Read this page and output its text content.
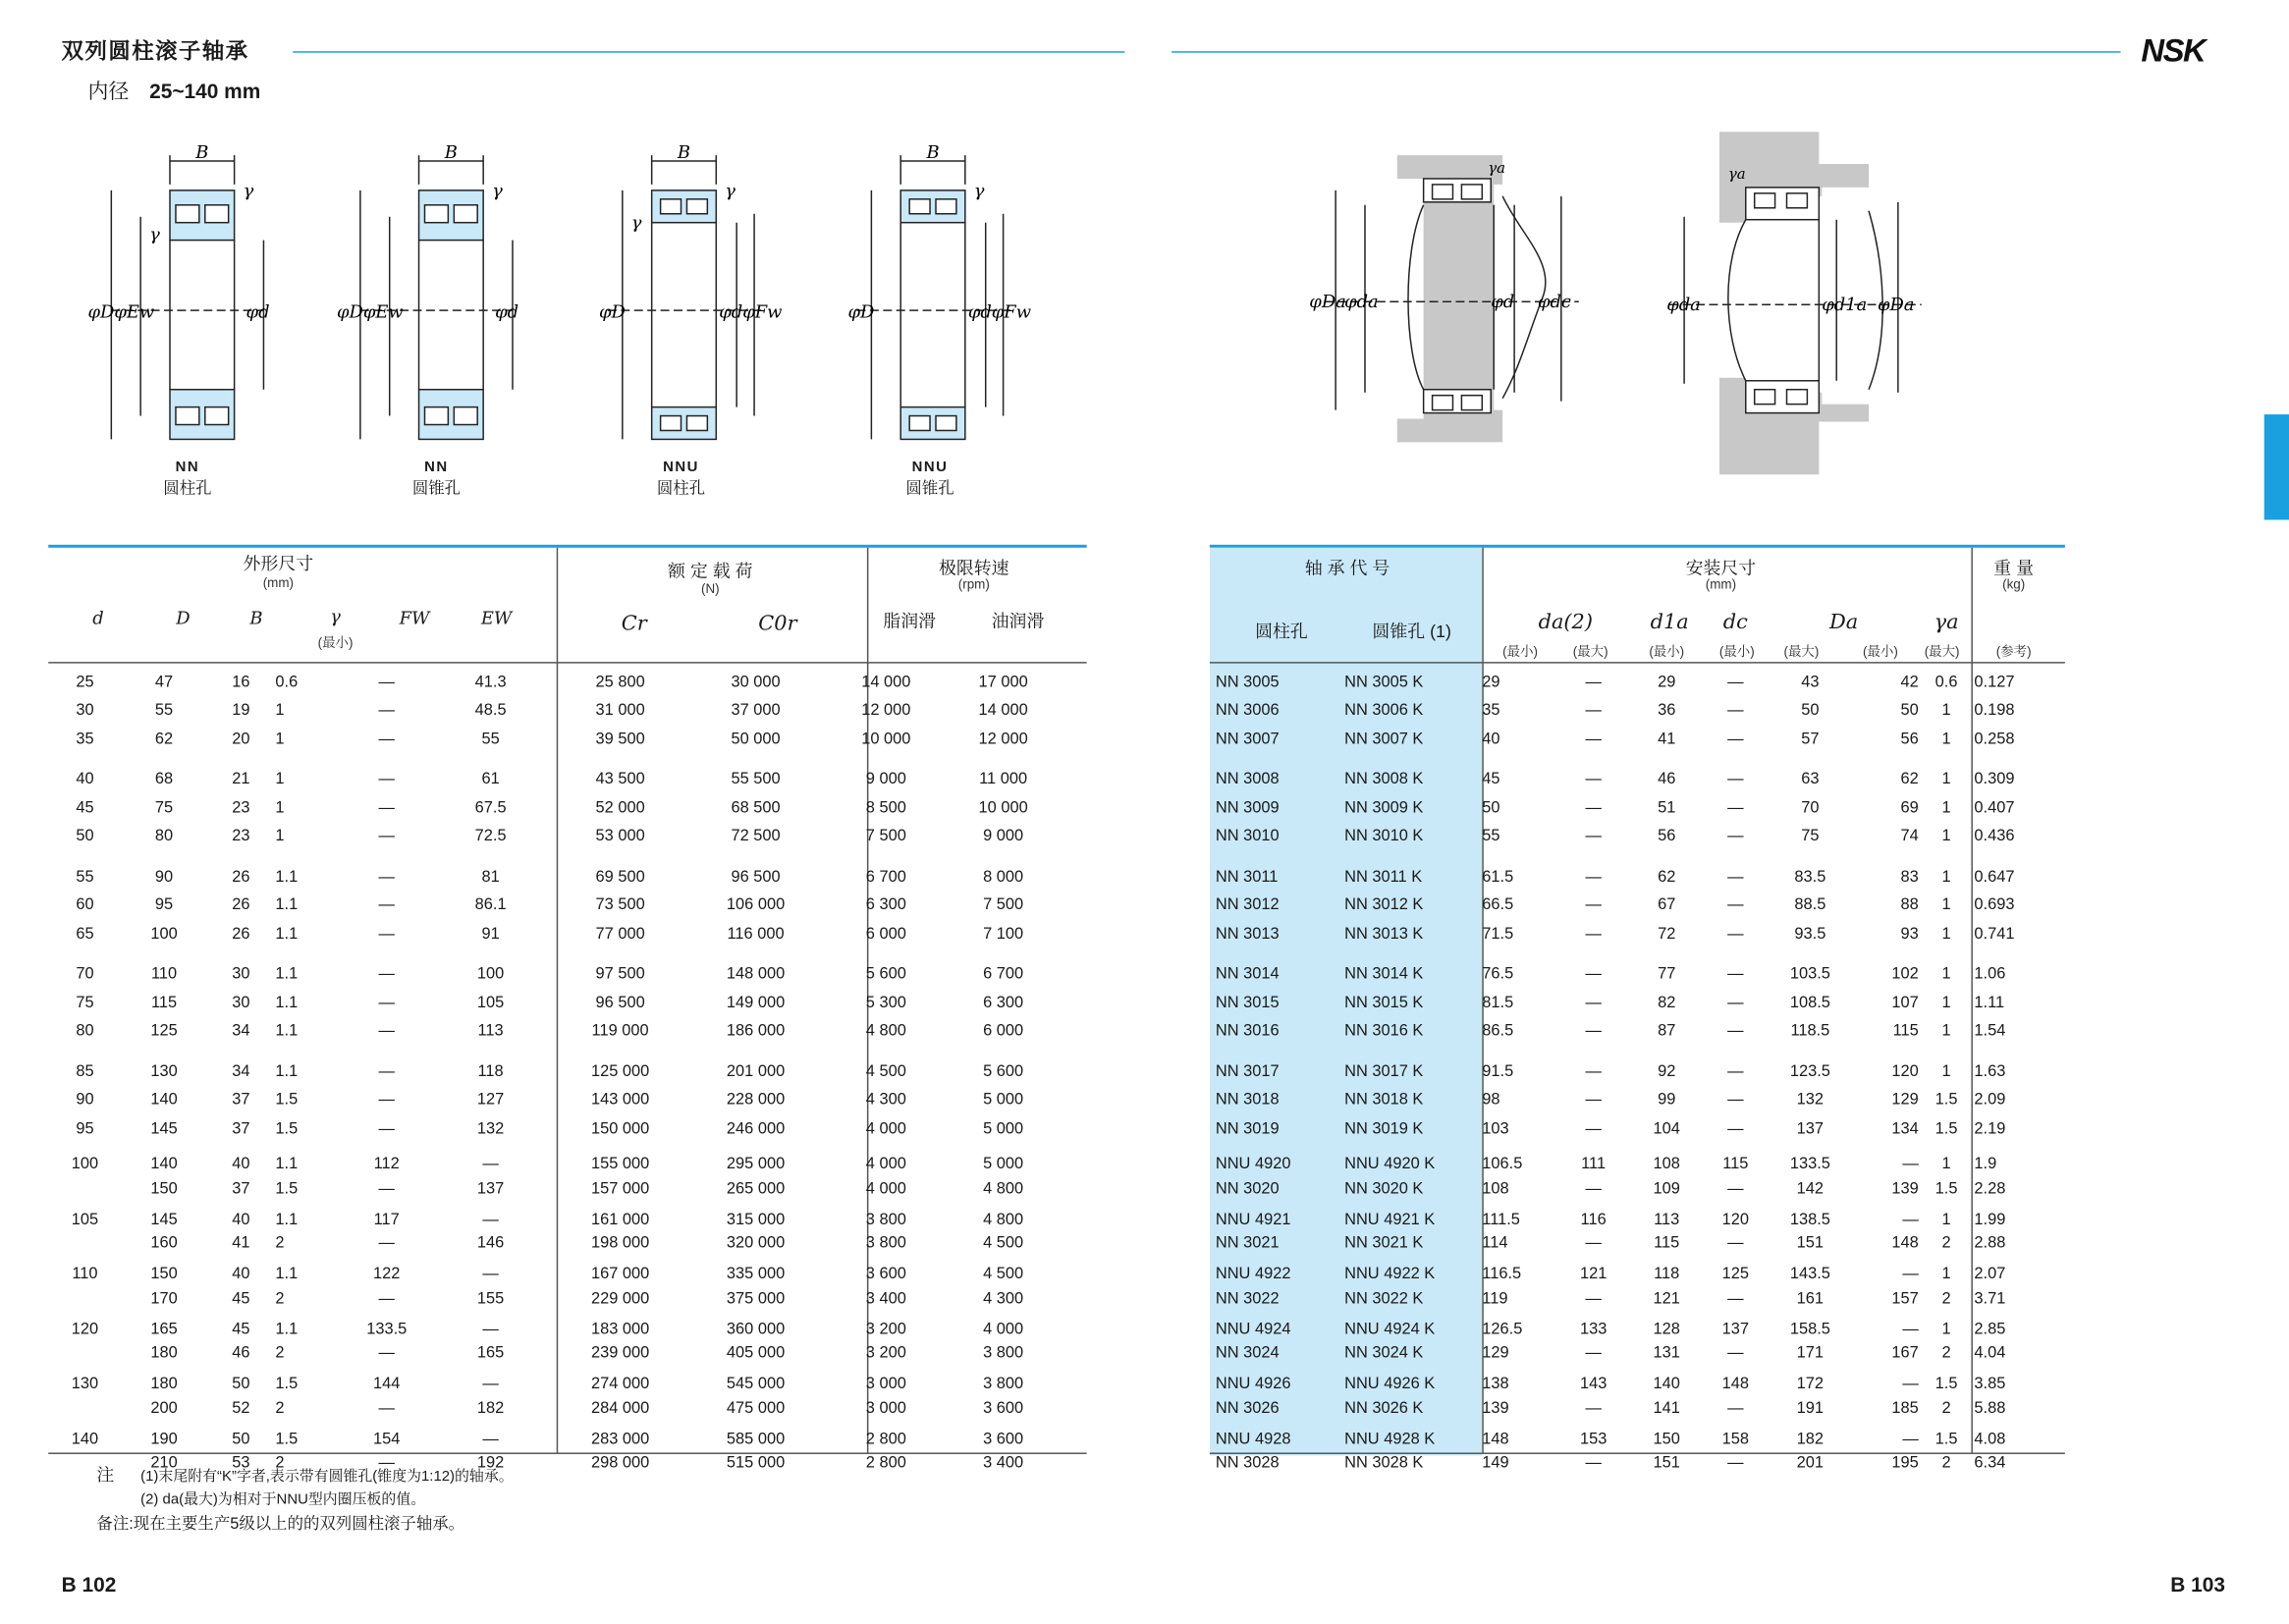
双列圆柱滚子轴承
内径 25~140 mm
NSK
B
φDφEw	φd
γ
γ
B
φDφEw	φd
γ
B
φD	φdφFw
γ
γ
B
φD	φdφFw
γ
NN
圆柱孔
NN
圆锥孔
NNU
圆柱孔
NNU
圆锥孔
φDa
φda	φd φdc
γa
φda	φd1a φDa
γa
外形尺寸
(mm)
额 定 载 荷
(N)
极限转速
(rpm)
d	D	B	γ
(最小)
FW	EW	Cr	C0r	脂润滑	油润滑
25	47	16	0.6	—	41.3	25 800	30 000	14 000	17 000
30	55	19	1	—	48.5	31 000	37 000	12 000	14 000
35	62	20	1	—	55	39 500	50 000	10 000	12 000
40	68	21	1	—	61	43 500	55 500	9 000	11 000
45	75	23	1	—	67.5	52 000	68 500	8 500	10 000
50	80	23	1	—	72.5	53 000	72 500	7 500	9 000
55	90	26	1.1	—	81	69 500	96 500	6 700	8 000
60	95	26	1.1	—	86.1	73 500	106 000	6 300	7 500
65	100	26	1.1	—	91	77 000	116 000	6 000	7 100
70	110	30	1.1	—	100	97 500	148 000	5 600	6 700
75	115	30	1.1	—	105	96 500	149 000	5 300	6 300
80	125	34	1.1	—	113	119 000	186 000	4 800	6 000
85	130	34	1.1	—	118	125 000	201 000	4 500	5 600
90	140	37	1.5	—	127	143 000	228 000	4 300	5 000
95	145	37	1.5	—	132	150 000	246 000	4 000	5 000
100	140	40	1.1	112	—	155 000	295 000	4 000	5 000
	150	37	1.5	—	137	157 000	265 000	4 000	4 800
105	145	40	1.1	117	—	161 000	315 000	3 800	4 800
	160	41	2	—	146	198 000	320 000	3 800	4 500
110	150	40	1.1	122	—	167 000	335 000	3 600	4 500
	170	45	2	—	155	229 000	375 000	3 400	4 300
120	165	45	1.1	133.5	—	183 000	360 000	3 200	4 000
	180	46	2	—	165	239 000	405 000	3 200	3 800
130	180	50	1.5	144	—	274 000	545 000	3 000	3 800
	200	52	2	—	182	284 000	475 000	3 000	3 600
140	190	50	1.5	154	—	283 000	585 000	2 800	3 600
	210	53	2	—	192	298 000	515 000	2 800	3 400
轴 承 代 号	安装尺寸
(mm)
重 量
(kg)
圆柱孔	圆锥孔 (1)	da(2)	d1a	dc	Da	γa
(最小)	(最大)	(最小)	(最小)	(最大)	(最小)	(最大)	(参考)
NN 3005	NN 3005 K	29	—	29	—	43	42	0.6	0.127
NN 3006	NN 3006 K	35	—	36	—	50	50	1	0.198
NN 3007	NN 3007 K	40	—	41	—	57	56	1	0.258
NN 3008	NN 3008 K	45	—	46	—	63	62	1	0.309
NN 3009	NN 3009 K	50	—	51	—	70	69	1	0.407
NN 3010	NN 3010 K	55	—	56	—	75	74	1	0.436
NN 3011	NN 3011 K	61.5	—	62	—	83.5	83	1	0.647
NN 3012	NN 3012 K	66.5	—	67	—	88.5	88	1	0.693
NN 3013	NN 3013 K	71.5	—	72	—	93.5	93	1	0.741
NN 3014	NN 3014 K	76.5	—	77	—	103.5	102	1	1.06
NN 3015	NN 3015 K	81.5	—	82	—	108.5	107	1	1.11
NN 3016	NN 3016 K	86.5	—	87	—	118.5	115	1	1.54
NN 3017	NN 3017 K	91.5	—	92	—	123.5	120	1	1.63
NN 3018	NN 3018 K	98	—	99	—	132	129	1.5	2.09
NN 3019	NN 3019 K	103	—	104	—	137	134	1.5	2.19
NNU 4920	NNU 4920 K	106.5	111	108	115	133.5	—	1	1.9
NN 3020	NN 3020 K	108	—	109	—	142	139	1.5	2.28
NNU 4921	NNU 4921 K	111.5	116	113	120	138.5	—	1	1.99
NN 3021	NN 3021 K	114	—	115	—	151	148	2	2.88
NNU 4922	NNU 4922 K	116.5	121	118	125	143.5	—	1	2.07
NN 3022	NN 3022 K	119	—	121	—	161	157	2	3.71
NNU 4924	NNU 4924 K	126.5	133	128	137	158.5	—	1	2.85
NN 3024	NN 3024 K	129	—	131	—	171	167	2	4.04
NNU 4926	NNU 4926 K	138	143	140	148	172	—	1.5	3.85
NN 3026	NN 3026 K	139	—	141	—	191	185	2	5.88
NNU 4928	NNU 4928 K	148	153	150	158	182	—	1.5	4.08
NN 3028	NN 3028 K	149	—	151	—	201	195	2	6.34
注	(1)末尾附有“K”字者,表示带有圆锥孔(锥度为1:12)的轴承。
(2) da(最大)为相对于NNU型内圈压板的值。
备注:现在主要生产5级以上的的双列圆柱滚子轴承。
B 102	B 103
